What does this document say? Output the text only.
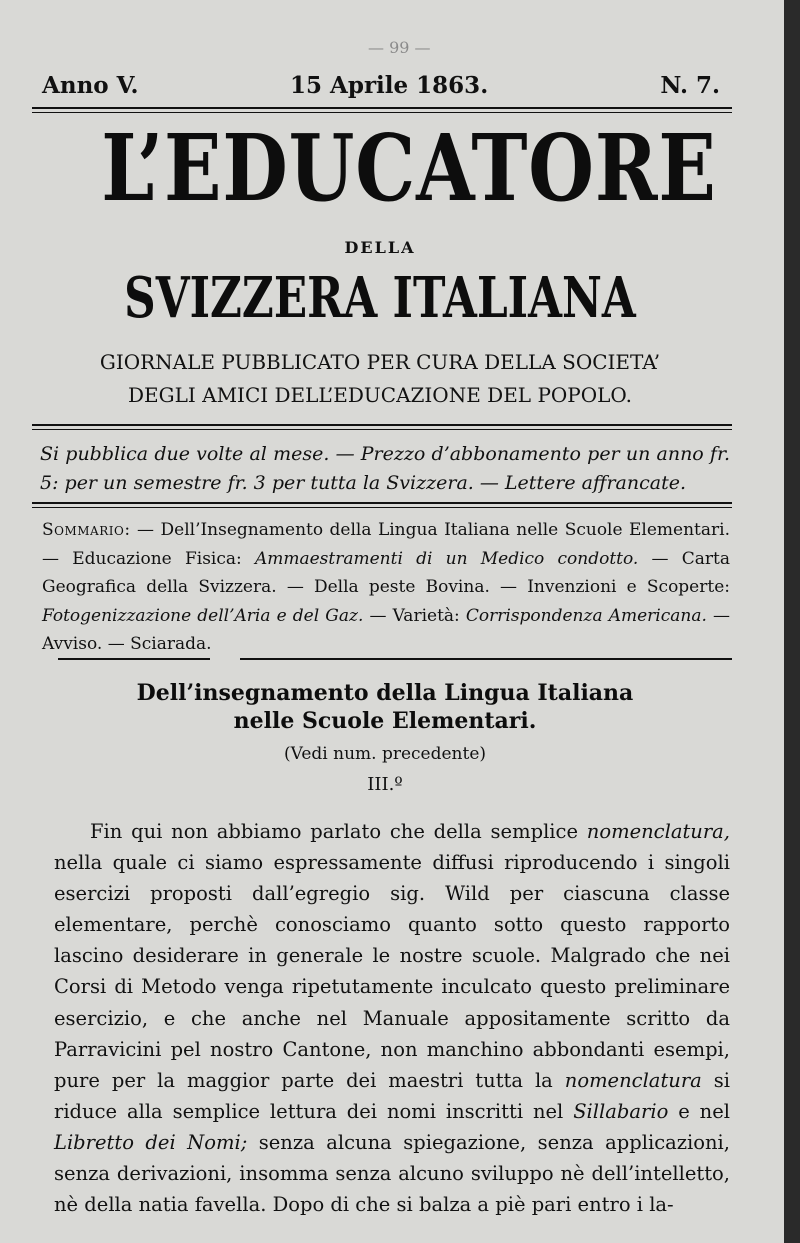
— 99 —
Anno V.	15 Aprile 1863.	N. 7.
L’EDUCATORE
DELLA
SVIZZERA ITALIANA
GIORNALE PUBBLICATO PER CURA DELLA SOCIETA’
DEGLI AMICI DELL’EDUCAZIONE DEL POPOLO.
Si pubblica due volte al mese. — Prezzo d’abbonamento per un anno fr. 5: per un semestre fr. 3 per tutta la Svizzera. — Lettere affrancate.
Sommario: — Dell’Insegnamento della Lingua Italiana nelle Scuole Elementari. — Educazione Fisica: Ammaestramenti di un Medico condotto. — Carta Geografica della Svizzera. — Della peste Bovina. — Invenzioni e Scoperte: Fotogenizzazione dell’Aria e del Gaz. — Varietà: Corrispondenza Americana. — Avviso. — Sciarada.
Dell’insegnamento della Lingua Italiana
nelle Scuole Elementari.
(Vedi num. precedente)
III.º
Fin qui non abbiamo parlato che della semplice nomenclatura, nella quale ci siamo espressamente diffusi riproducendo i singoli esercizi proposti dall’egregio sig. Wild per ciascuna classe elementare, perchè conosciamo quanto sotto questo rapporto lascino desiderare in generale le nostre scuole. Malgrado che nei Corsi di Metodo venga ripetutamente inculcato questo preliminare esercizio, e che anche nel Manuale appositamente scritto da Parravicini pel nostro Cantone, non manchino abbondanti esempi, pure per la maggior parte dei maestri tutta la nomenclatura si riduce alla semplice lettura dei nomi inscritti nel Sillabario e nel Libretto dei Nomi; senza alcuna spiegazione, senza applicazioni, senza derivazioni, insomma senza alcuno sviluppo nè dell’intelletto, nè della natia favella. Dopo di che si balza a piè pari entro i la-
